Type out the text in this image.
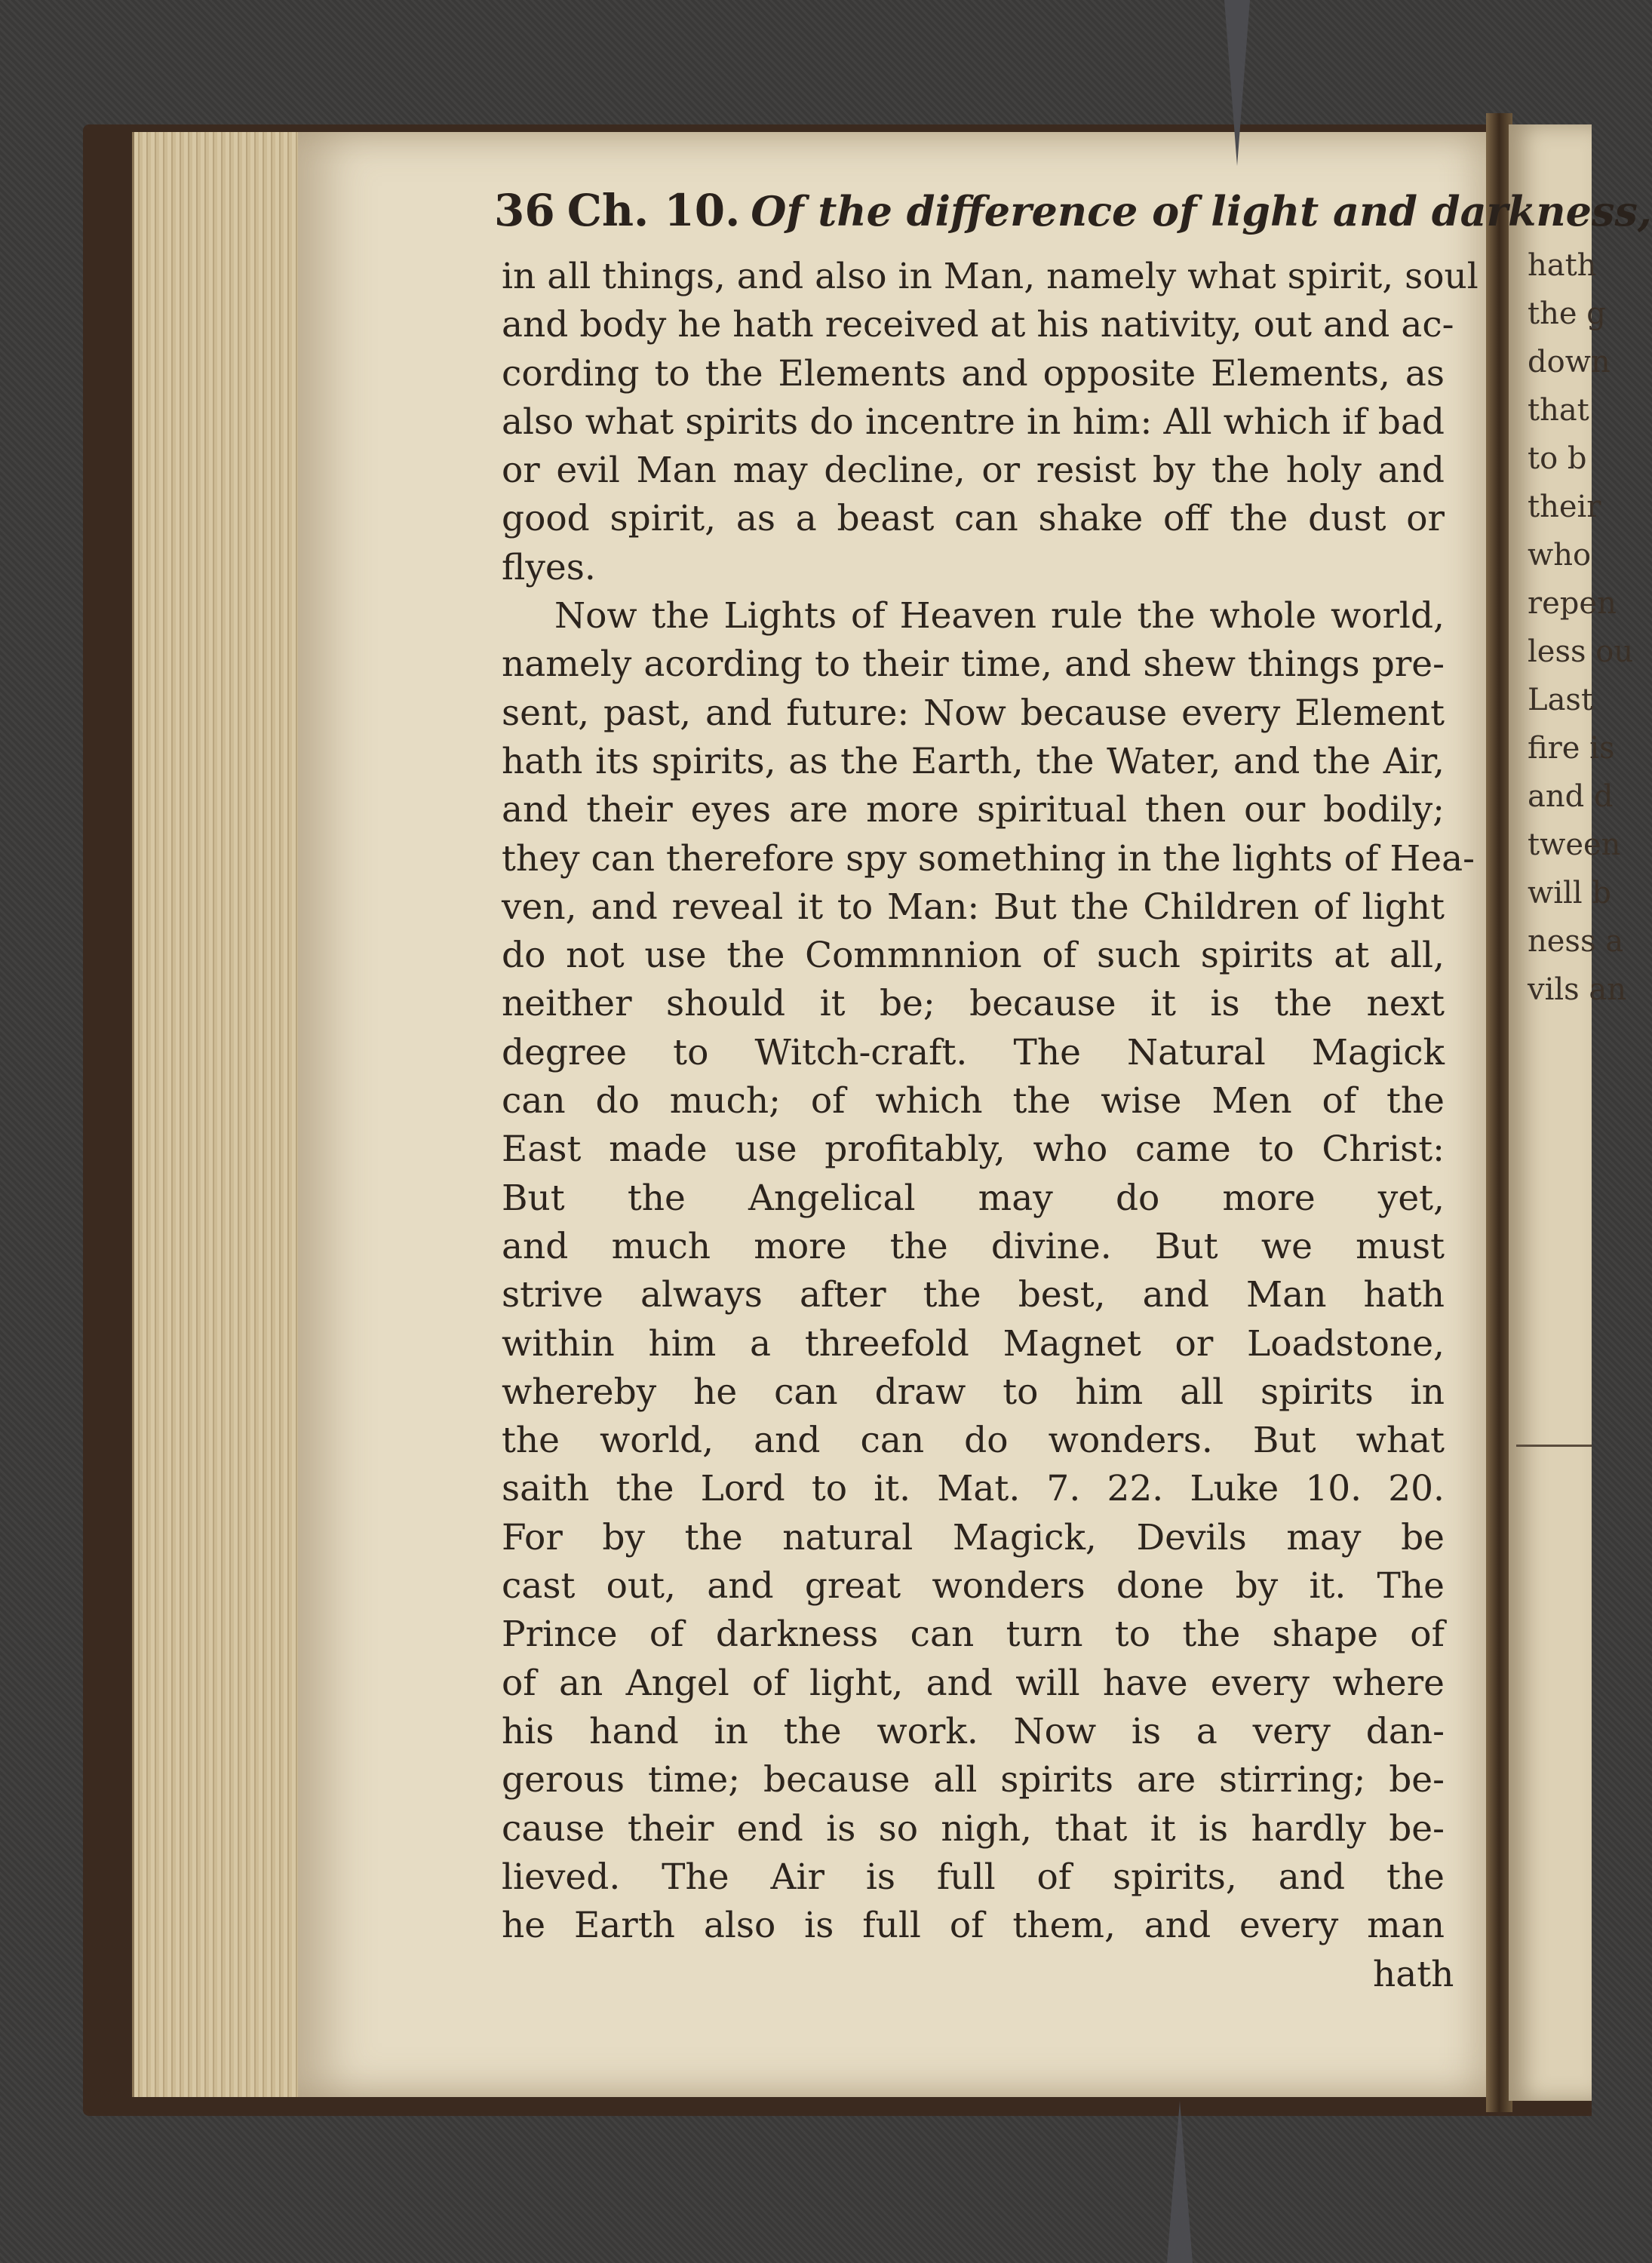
36 Ch. 10. Of the difference of light and darkness,
in all things, and also in Man, namely what spirit, soul
and body he hath received at his nativity, out and ac-
cording to the Elements and opposite Elements, as
also what spirits do incentre in him: All which if bad
or evil Man may decline, or resist by the holy and
good spirit, as a beast can shake off the dust or
flyes.
Now the Lights of Heaven rule the whole world,
namely acording to their time, and shew things pre-
sent, past, and future: Now because every Element
hath its spirits, as the Earth, the Water, and the Air,
and their eyes are more spiritual then our bodily;
they can therefore spy something in the lights of Hea-
ven, and reveal it to Man: But the Children of light
do not use the Commnnion of such spirits at all,
neither should it be; because it is the next
degree to Witch-craft. The Natural Magick
can do much; of which the wise Men of the
East made use profitably, who came to Christ:
But the Angelical may do more yet,
and much more the divine. But we must
strive always after the best, and Man hath
within him a threefold Magnet or Loadstone,
whereby he can draw to him all spirits in
the world, and can do wonders. But what
saith the Lord to it. Mat. 7. 22. Luke 10. 20.
For by the natural Magick, Devils may be
cast out, and great wonders done by it. The
Prince of darkness can turn to the shape of
of an Angel of light, and will have every where
his hand in the work. Now is a very dan-
gerous time; because all spirits are stirring; be-
cause their end is so nigh, that it is hardly be-
lieved. The Air is full of spirits, and the
he Earth also is full of them, and every man
hath
hath
the g
down
that
to b
their
who
repen
less ou
Last
fire is
and d
tween
will b
ness a
vils an
